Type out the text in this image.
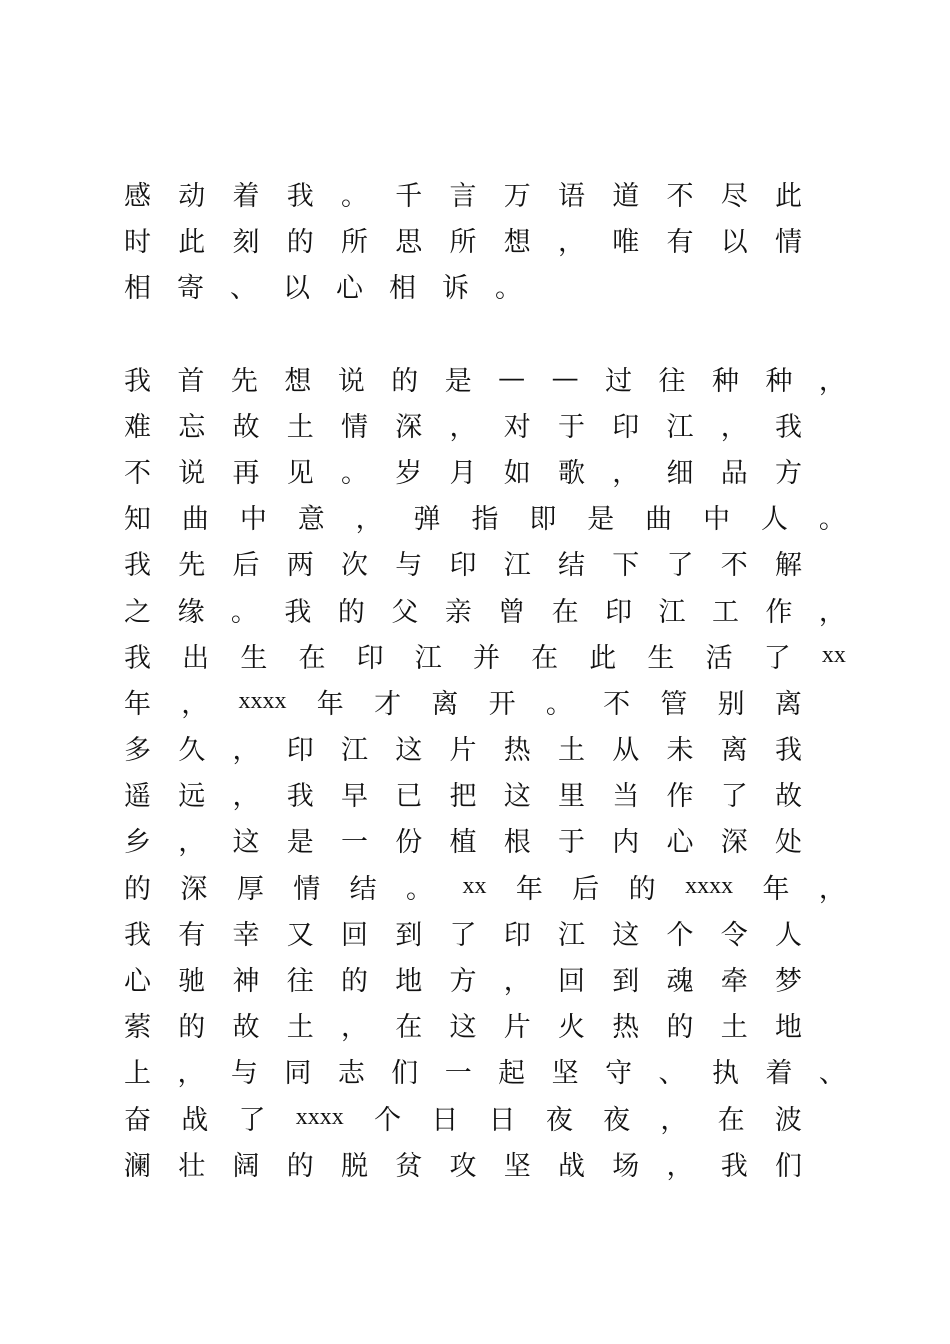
感 动 着 我 。 千 言 万 语 道 不 尽 此
时 此 刻 的 所 思 所 想 ， 唯 有 以 情
相 寄 、 以 心 相 诉 。
我 首 先 想 说 的 是 — — 过 往 种 种 ，
难 忘 故 土 情 深 ， 对 于 印 江 ， 我
不 说 再 见 。 岁 月 如 歌 ， 细 品 方
知 曲 中 意 ， 弹 指 即 是 曲 中 人 。
我 先 后 两 次 与 印 江 结 下 了 不 解
之 缘 。 我 的 父 亲 曾 在 印 江 工 作 ，
我 出 生 在 印 江 并 在 此 生 活 了 xx
年 ， xxxx 年 才 离 开 。 不 管 别 离
多 久 ， 印 江 这 片 热 土 从 未 离 我
遥 远 ， 我 早 已 把 这 里 当 作 了 故
乡 ， 这 是 一 份 植 根 于 内 心 深 处
的 深 厚 情 结 。 xx 年 后 的 xxxx 年 ，
我 有 幸 又 回 到 了 印 江 这 个 令 人
心 驰 神 往 的 地 方 ， 回 到 魂 牵 梦
萦 的 故 土 ， 在 这 片 火 热 的 土 地
上 ， 与 同 志 们 一 起 坚 守 、 执 着 、
奋 战 了 xxxx 个 日 日 夜 夜 ， 在 波
澜 壮 阔 的 脱 贫 攻 坚 战 场 ， 我 们
